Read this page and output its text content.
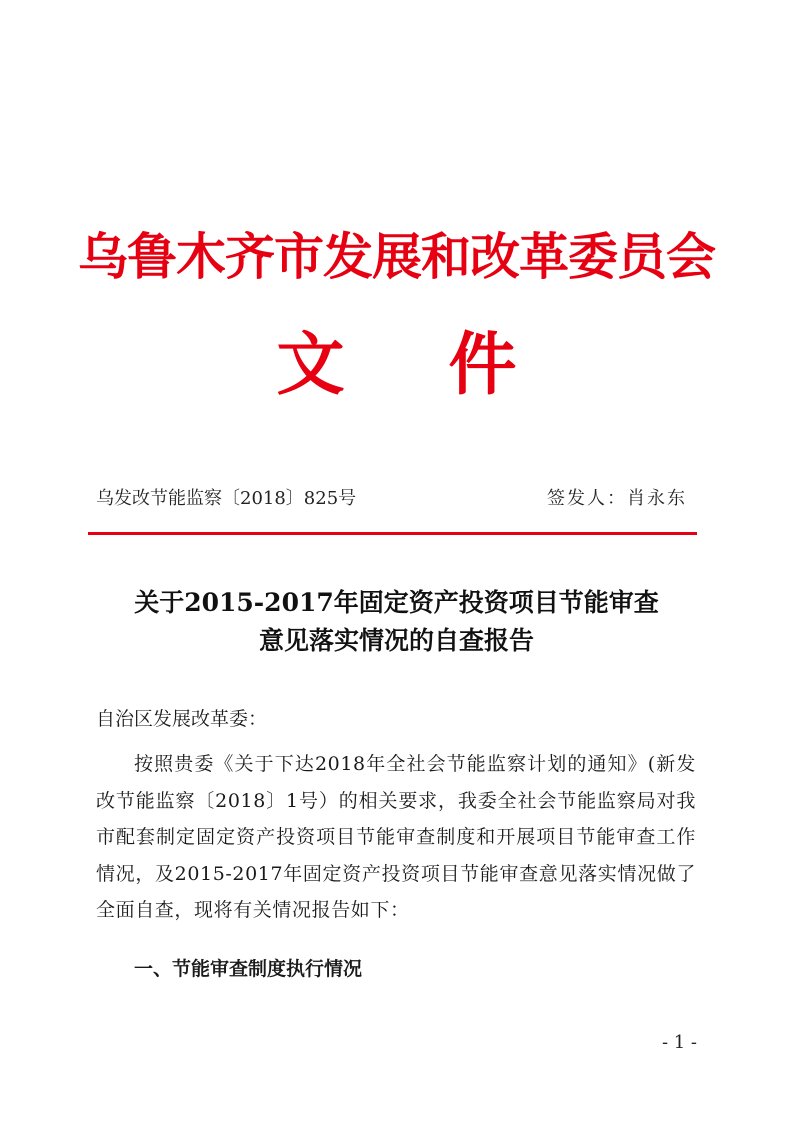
乌鲁木齐市发展和改革委员会
文件
乌发改节能监察〔2018〕825号	签发人：肖永东
关于2015-2017年固定资产投资项目节能审查
意见落实情况的自查报告
自治区发展改革委：
按照贵委《关于下达2018年全社会节能监察计划的通知》(新发改节能监察〔2018〕1号）的相关要求，我委全社会节能监察局对我市配套制定固定资产投资项目节能审查制度和开展项目节能审查工作情况，及2015-2017年固定资产投资项目节能审查意见落实情况做了全面自查，现将有关情况报告如下：
一、节能审查制度执行情况
- 1 -
